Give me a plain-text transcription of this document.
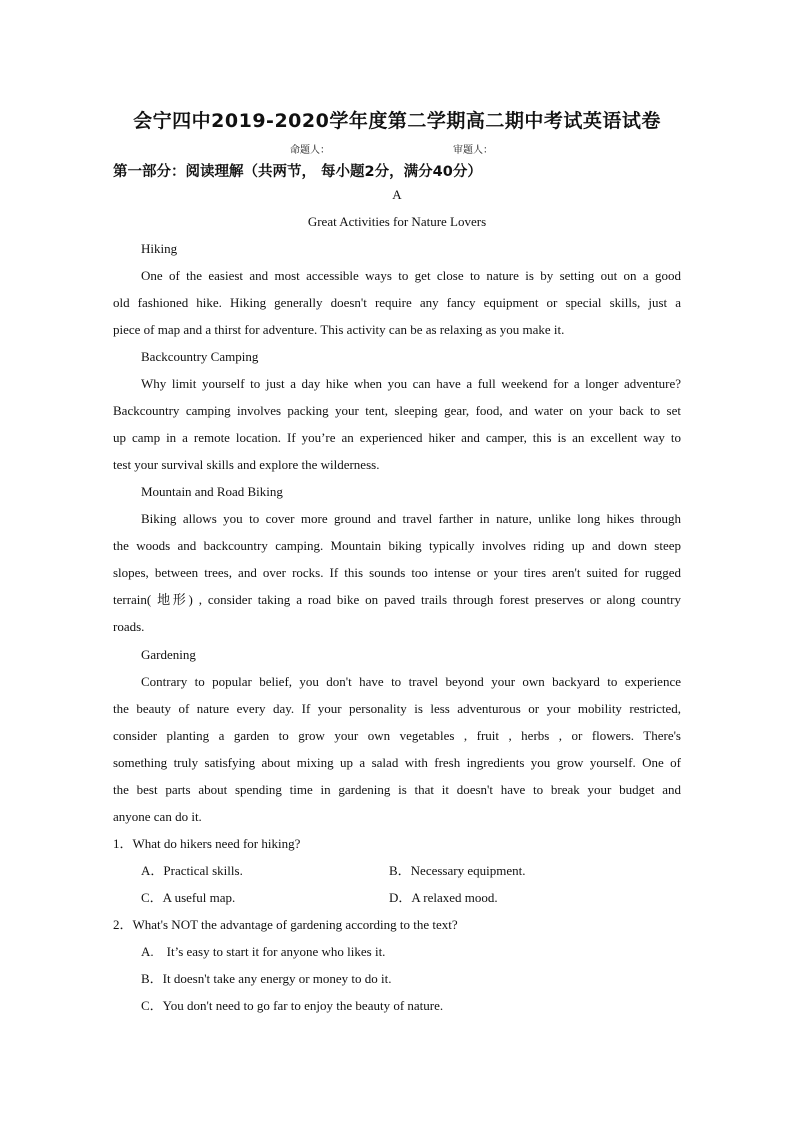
会宁四中2019-2020学年度第二学期高二期中考试英语试卷
命题人：	审题人：
第一部分：阅读理解（共两节， 每小题2分，满分40分）
A
Great Activities for Nature Lovers
Hiking
One of the easiest and most accessible ways to get close to nature is by setting out on a good
old fashioned hike. Hiking generally doesn't require any fancy equipment or special skills, just a
piece of map and a thirst for adventure. This activity can be as relaxing as you make it.
Backcountry Camping
Why limit yourself to just a day hike when you can have a full weekend for a longer adventure?
Backcountry camping involves packing your tent, sleeping gear, food, and water on your back to set
up camp in a remote location. If you’re an experienced hiker and camper, this is an excellent way to
test your survival skills and explore the wilderness.
Mountain and Road Biking
Biking allows you to cover more ground and travel farther in nature, unlike long hikes through
the woods and backcountry camping. Mountain biking typically involves riding up and down steep
slopes, between trees, and over rocks. If this sounds too intense or your tires aren't suited for rugged
terrain( 地形) , consider taking a road bike on paved trails through forest preserves or along country
roads.
Gardening
Contrary to popular belief, you don't have to travel beyond your own backyard to experience
the beauty of nature every day. If your personality is less adventurous or your mobility restricted,
consider planting a garden to grow your own vegetables , fruit , herbs , or flowers. There's
something truly satisfying about mixing up a salad with fresh ingredients you grow yourself. One of
the best parts about spending time in gardening is that it doesn't have to break your budget and
anyone can do it.
1．What do hikers need for hiking?
A．Practical skills.	B．Necessary equipment.
C．A useful map.	D．A relaxed mood.
2．What's NOT the advantage of gardening according to the text?
A.    It’s easy to start it for anyone who likes it.
B．It doesn't take any energy or money to do it.
C．You don't need to go far to enjoy the beauty of nature.
